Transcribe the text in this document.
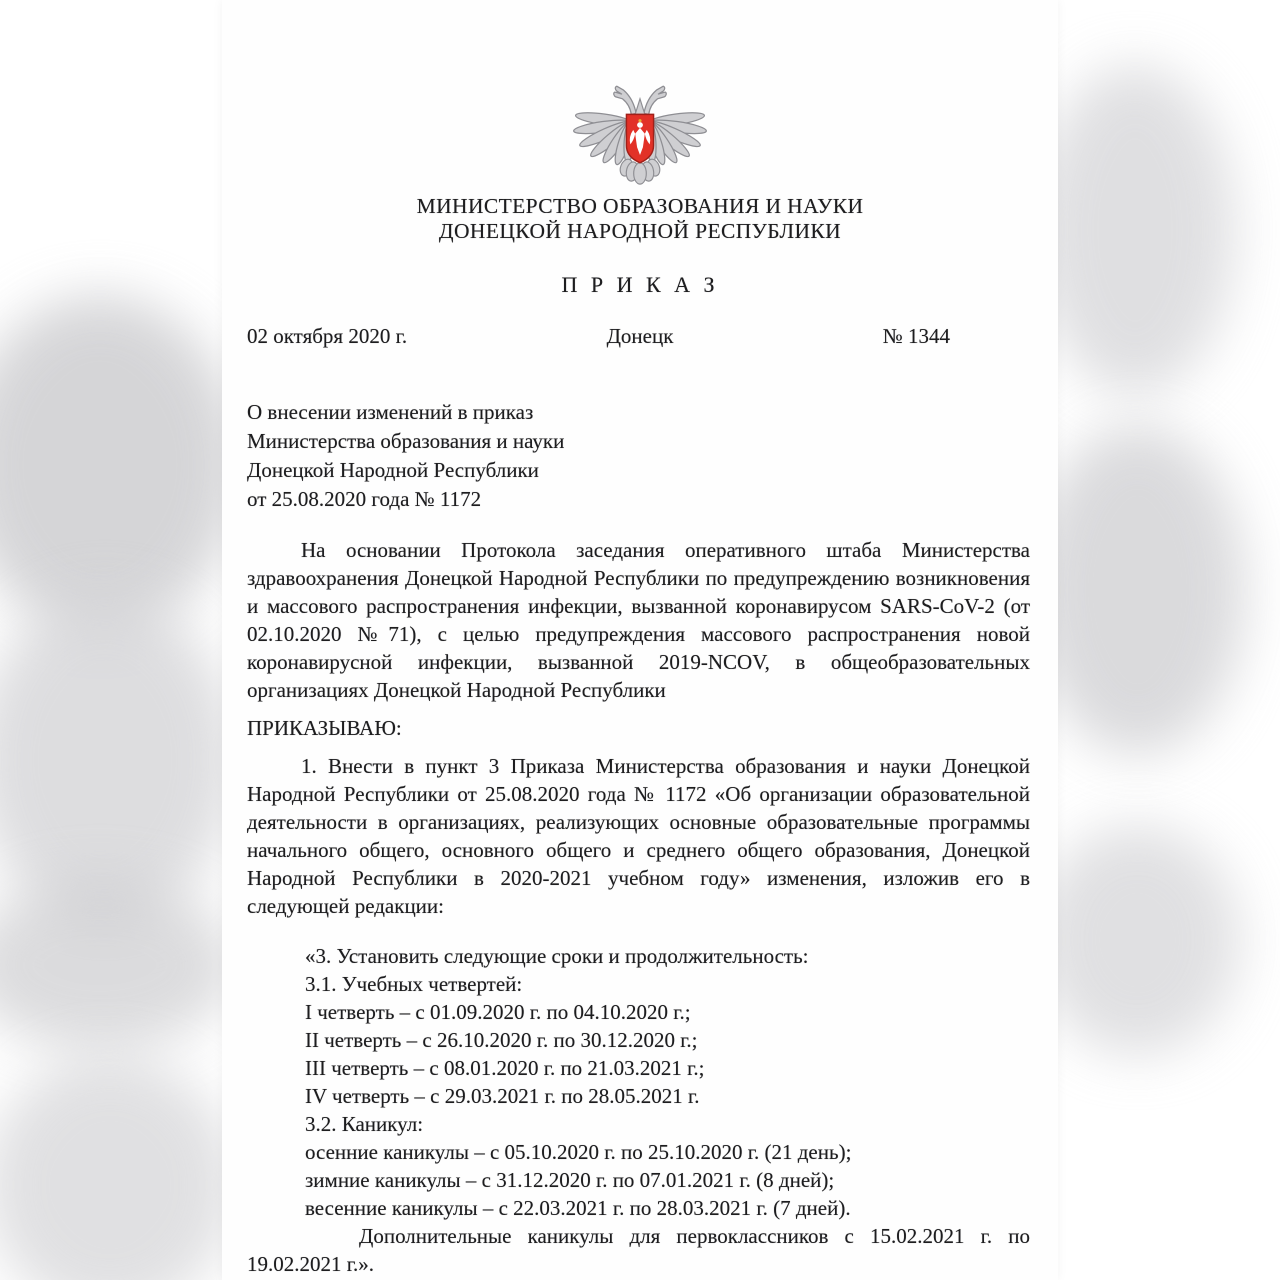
МИНИСТЕРСТВО ОБРАЗОВАНИЯ И НАУКИ
ДОНЕЦКОЙ НАРОДНОЙ РЕСПУБЛИКИ
П Р И К А З
02 октября 2020 г.	Донецк	№ 1344
О внесении изменений в приказ
Министерства образования и науки
Донецкой Народной Республики
от 25.08.2020 года № 1172

На основании Протокола заседания оперативного штаба Министерства здравоохранения Донецкой Народной Республики по предупреждению возникновения и массового распространения инфекции, вызванной коронавирусом SARS-CoV-2 (от 02.10.2020 №71), с целью предупреждения массового распространения новой коронавирусной инфекции, вызванной 2019-NCOV, в общеобразовательных организациях Донецкой Народной Республики

ПРИКАЗЫВАЮ:

1. Внести в пункт 3 Приказа Министерства образования и науки Донецкой Народной Республики от 25.08.2020 года № 1172 «Об организации образовательной деятельности в организациях, реализующих основные образовательные программы начального общего, основного общего и среднего общего образования, Донецкой Народной Республики в 2020-2021 учебном году» изменения, изложив его в следующей редакции:

«3. Установить следующие сроки и продолжительность:
3.1. Учебных четвертей:
I четверть – с 01.09.2020 г. по 04.10.2020 г.;
II четверть – с 26.10.2020 г. по 30.12.2020 г.;
III четверть – с 08.01.2020 г. по 21.03.2021 г.;
IV четверть – с 29.03.2021 г. по 28.05.2021 г.
3.2. Каникул:
осенние каникулы – с 05.10.2020 г. по 25.10.2020 г. (21 день);
зимние каникулы – с 31.12.2020 г. по 07.01.2021 г. (8 дней);
весенние каникулы – с 22.03.2021 г. по 28.03.2021 г. (7 дней).

Дополнительные каникулы для первоклассников с 15.02.2021 г. по 19.02.2021 г.».
